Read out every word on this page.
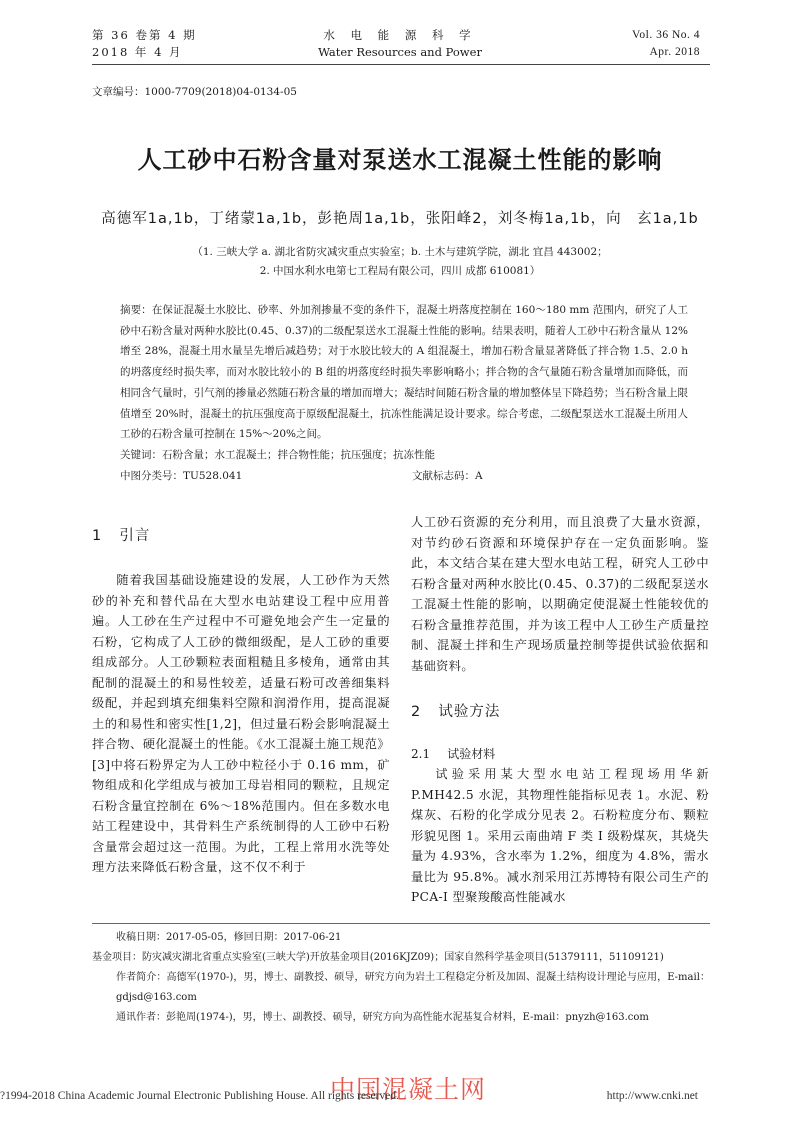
第 36 卷第 4 期
2018 年 4 月
水 电 能 源 科 学
Water Resources and Power
Vol. 36 No. 4
Apr. 2018
文章编号：1000-7709(2018)04-0134-05
人工砂中石粉含量对泵送水工混凝土性能的影响
高德军1a,1b，丁绪蒙1a,1b，彭艳周1a,1b，张阳峰2，刘冬梅1a,1b，向　玄1a,1b
（1. 三峡大学 a. 湖北省防灾减灾重点实验室；b. 土木与建筑学院，湖北 宜昌 443002；
2. 中国水利水电第七工程局有限公司，四川 成都 610081）

摘要：在保证混凝土水胶比、砂率、外加剂掺量不变的条件下，混凝土坍落度控制在 160～180 mm 范围内，研究了人工砂中石粉含量对两种水胶比(0.45、0.37)的二级配泵送水工混凝土性能的影响。结果表明，随着人工砂中石粉含量从 12%增至 28%，混凝土用水量呈先增后减趋势；对于水胶比较大的 A 组混凝土，增加石粉含量显著降低了拌合物 1.5、2.0 h 的坍落度经时损失率，而对水胶比较小的 B 组的坍落度经时损失率影响略小；拌合物的含气量随石粉含量增加而降低，而相同含气量时，引气剂的掺量必然随石粉含量的增加而增大；凝结时间随石粉含量的增加整体呈下降趋势；当石粉含量上限值增至 20%时，混凝土的抗压强度高于原级配混凝土，抗冻性能满足设计要求。综合考虑，二级配泵送水工混凝土所用人工砂的石粉含量可控制在 15%～20%之间。

关键词：石粉含量；水工混凝土；拌合物性能；抗压强度；抗冻性能

中图分类号：TU528.041	文献标志码：A
1 引言

随着我国基础设施建设的发展，人工砂作为天然砂的补充和替代品在大型水电站建设工程中应用普遍。人工砂在生产过程中不可避免地会产生一定量的石粉，它构成了人工砂的微细级配，是人工砂的重要组成部分。人工砂颗粒表面粗糙且多棱角，通常由其配制的混凝土的和易性较差，适量石粉可改善细集料级配，并起到填充细集料空隙和润滑作用，提高混凝土的和易性和密实性[1,2]，但过量石粉会影响混凝土拌合物、硬化混凝土的性能。《水工混凝土施工规范》[3]中将石粉界定为人工砂中粒径小于 0.16 mm，矿物组成和化学组成与被加工母岩相同的颗粒，且规定石粉含量宜控制在 6%～18%范围内。但在多数水电站工程建设中，其骨料生产系统制得的人工砂中石粉含量常会超过这一范围。为此，工程上常用水洗等处理方法来降低石粉含量，这不仅不利于

人工砂石资源的充分利用，而且浪费了大量水资源，对节约砂石资源和环境保护存在一定负面影响。鉴此，本文结合某在建大型水电站工程，研究人工砂中石粉含量对两种水胶比(0.45、0.37)的二级配泵送水工混凝土性能的影响，以期确定使混凝土性能较优的石粉含量推荐范围，并为该工程中人工砂生产质量控制、混凝土拌和生产现场质量控制等提供试验依据和基础资料。

2 试验方法
2.1 试验材料

试验采用某大型水电站工程现场用华新 P.MH42.5 水泥，其物理性能指标见表 1。水泥、粉煤灰、石粉的化学成分见表 2。石粉粒度分布、颗粒形貌见图 1。采用云南曲靖 F 类 I 级粉煤灰，其烧失量为 4.93%，含水率为 1.2%，细度为 4.8%，需水量比为 95.8%。减水剂采用江苏博特有限公司生产的 PCA-I 型聚羧酸高性能减水

收稿日期：2017-05-05，修回日期：2017-06-21
基金项目：防灾减灾湖北省重点实验室(三峡大学)开放基金项目(2016KJZ09)；国家自然科学基金项目(51379111，51109121)
作者简介：高德军(1970-)，男，博士、副教授、硕导，研究方向为岩土工程稳定分析及加固、混凝土结构设计理论与应用，E-mail：gdjsd@163.com
通讯作者：彭艳周(1974-)，男，博士、副教授、硕导，研究方向为高性能水泥基复合材料，E-mail：pnyzh@163.com
中国混凝土网
?1994-2018 China Academic Journal Electronic Publishing House. All rights reserved.	http://www.cnki.net
